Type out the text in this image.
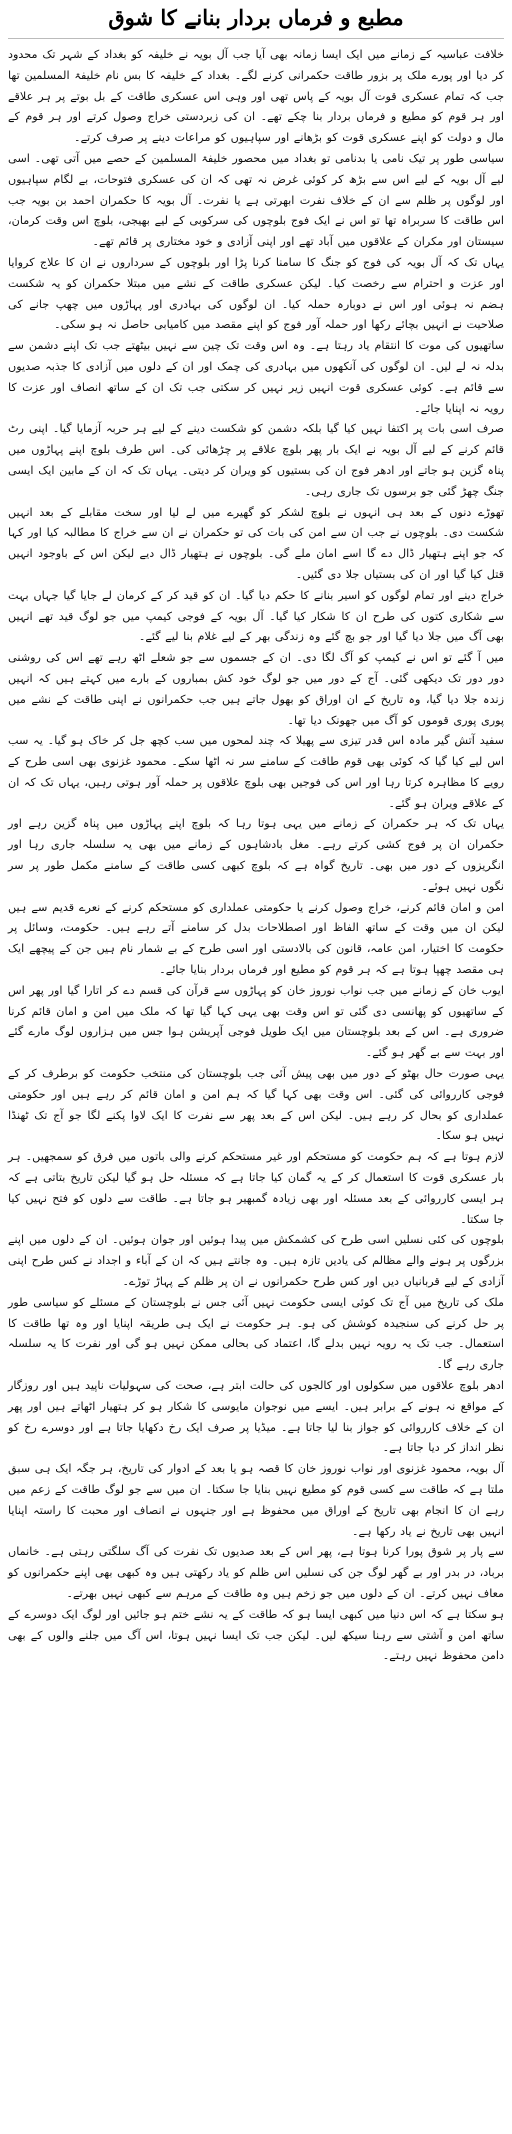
مطبع و فرماں بردار بنانے کا شوق

خلافت عباسیہ کے زمانے میں ایک ایسا زمانہ بھی آیا جب آل بویہ نے خلیفہ کو بغداد کے شہر تک محدود کر دیا اور پورے ملک پر بزور طاقت حکمرانی کرنے لگے۔ بغداد کے خلیفہ کا بس نام خلیفۃ المسلمین تھا جب کہ تمام عسکری قوت آل بویہ کے پاس تھی اور وہی اس عسکری طاقت کے بل بوتے پر ہر علاقے اور ہر قوم کو مطیع و فرماں بردار بنا چکے تھے۔ ان کی زبردستی خراج وصول کرتے اور ہر قوم کے مال و دولت کو اپنے عسکری قوت کو بڑھانے اور سپاہیوں کو مراعات دینے پر صرف کرتے۔

سیاسی طور پر تیک نامی یا بدنامی تو بغداد میں محصور خلیفۃ المسلمین کے حصے میں آتی تھی۔ اسی لیے آل بویہ کے لیے اس سے بڑھ کر کوئی غرض نہ تھی کہ ان کی عسکری فتوحات، بے لگام سپاہیوں اور لوگوں پر ظلم سے ان کے خلاف نفرت ابھرتی ہے یا نفرت۔ آل بویہ کا حکمران احمد بن بویہ جب اس طاقت کا سربراہ تھا تو اس نے ایک فوج بلوچوں کی سرکوبی کے لیے بھیجی، بلوچ اس وقت کرمان، سیستان اور مکران کے علاقوں میں آباد تھے اور اپنی آزادی و خود مختاری پر قائم تھے۔

یہاں تک کہ آل بویہ کی فوج کو جنگ کا سامنا کرنا پڑا اور بلوچوں کے سرداروں نے ان کا علاج کروایا اور عزت و احترام سے رخصت کیا۔ لیکن عسکری طاقت کے نشے میں مبتلا حکمران کو یہ شکست ہضم نہ ہوئی اور اس نے دوبارہ حملہ کیا۔ ان لوگوں کی بہادری اور پہاڑوں میں چھپ جانے کی صلاحیت نے انہیں بچائے رکھا اور حملہ آور فوج کو اپنے مقصد میں کامیابی حاصل نہ ہو سکی۔

ساتھیوں کی موت کا انتقام یاد رہتا ہے۔ وہ اس وقت تک چین سے نہیں بیٹھتے جب تک اپنے دشمن سے بدلہ نہ لے لیں۔ ان لوگوں کی آنکھوں میں بہادری کی چمک اور ان کے دلوں میں آزادی کا جذبہ صدیوں سے قائم ہے۔ کوئی عسکری قوت انہیں زیر نہیں کر سکتی جب تک ان کے ساتھ انصاف اور عزت کا رویہ نہ اپنایا جائے۔

صرف اسی بات پر اکتفا نہیں کیا گیا بلکہ دشمن کو شکست دینے کے لیے ہر حربہ آزمایا گیا۔ اپنی رٹ قائم کرنے کے لیے آل بویہ نے ایک بار پھر بلوچ علاقے پر چڑھائی کی۔ اس طرف بلوچ اپنے پہاڑوں میں پناہ گزین ہو جاتے اور ادھر فوج ان کی بستیوں کو ویران کر دیتی۔ یہاں تک کہ ان کے مابین ایک ایسی جنگ چھڑ گئی جو برسوں تک جاری رہی۔

تھوڑے دنوں کے بعد ہی انہوں نے بلوچ لشکر کو گھیرے میں لے لیا اور سخت مقابلے کے بعد انہیں شکست دی۔ بلوچوں نے جب ان سے امن کی بات کی تو حکمران نے ان سے خراج کا مطالبہ کیا اور کہا کہ جو اپنے ہتھیار ڈال دے گا اسے امان ملے گی۔ بلوچوں نے ہتھیار ڈال دیے لیکن اس کے باوجود انہیں قتل کیا گیا اور ان کی بستیاں جلا دی گئیں۔

خراج دینے اور تمام لوگوں کو اسیر بنانے کا حکم دیا گیا۔ ان کو قید کر کے کرمان لے جایا گیا جہاں بہت سے شکاری کتوں کی طرح ان کا شکار کیا گیا۔ آل بویہ کے فوجی کیمپ میں جو لوگ قید تھے انہیں بھی آگ میں جلا دیا گیا اور جو بچ گئے وہ زندگی بھر کے لیے غلام بنا لیے گئے۔

میں آ گئے تو اس نے کیمپ کو آگ لگا دی۔ ان کے جسموں سے جو شعلے اٹھ رہے تھے اس کی روشنی دور دور تک دیکھی گئی۔ آج کے دور میں جو لوگ خود کش بمباروں کے بارے میں کہتے ہیں کہ انہیں زندہ جلا دیا گیا، وہ تاریخ کے ان اوراق کو بھول جاتے ہیں جب حکمرانوں نے اپنی طاقت کے نشے میں پوری پوری قوموں کو آگ میں جھونک دیا تھا۔

سفید آتش گیر مادہ اس قدر تیزی سے پھیلا کہ چند لمحوں میں سب کچھ جل کر خاک ہو گیا۔ یہ سب اس لیے کیا گیا کہ کوئی بھی قوم طاقت کے سامنے سر نہ اٹھا سکے۔ محمود غزنوی بھی اسی طرح کے رویے کا مظاہرہ کرتا رہا اور اس کی فوجیں بھی بلوچ علاقوں پر حملہ آور ہوتی رہیں، یہاں تک کہ ان کے علاقے ویران ہو گئے۔

یہاں تک کہ ہر حکمران کے زمانے میں یہی ہوتا رہا کہ بلوچ اپنے پہاڑوں میں پناہ گزین رہے اور حکمران ان پر فوج کشی کرتے رہے۔ مغل بادشاہوں کے زمانے میں بھی یہ سلسلہ جاری رہا اور انگریزوں کے دور میں بھی۔ تاریخ گواہ ہے کہ بلوچ کبھی کسی طاقت کے سامنے مکمل طور پر سر نگوں نہیں ہوئے۔

امن و امان قائم کرنے، خراج وصول کرنے یا حکومتی عملداری کو مستحکم کرنے کے نعرے قدیم سے ہیں لیکن ان میں وقت کے ساتھ الفاظ اور اصطلاحات بدل کر سامنے آتے رہے ہیں۔ حکومت، وسائل پر حکومت کا اختیار، امن عامہ، قانون کی بالادستی اور اسی طرح کے بے شمار نام ہیں جن کے پیچھے ایک ہی مقصد چھپا ہوتا ہے کہ ہر قوم کو مطیع اور فرماں بردار بنایا جائے۔

ایوب خان کے زمانے میں جب نواب نوروز خان کو پہاڑوں سے قرآن کی قسم دے کر اتارا گیا اور پھر اس کے ساتھیوں کو پھانسی دی گئی تو اس وقت بھی یہی کہا گیا تھا کہ ملک میں امن و امان قائم کرنا ضروری ہے۔ اس کے بعد بلوچستان میں ایک طویل فوجی آپریشن ہوا جس میں ہزاروں لوگ مارے گئے اور بہت سے بے گھر ہو گئے۔

یہی صورت حال بھٹو کے دور میں بھی پیش آئی جب بلوچستان کی منتخب حکومت کو برطرف کر کے فوجی کارروائی کی گئی۔ اس وقت بھی کہا گیا کہ ہم امن و امان قائم کر رہے ہیں اور حکومتی عملداری کو بحال کر رہے ہیں۔ لیکن اس کے بعد پھر سے نفرت کا ایک لاوا پکنے لگا جو آج تک ٹھنڈا نہیں ہو سکا۔

لازم ہوتا ہے کہ ہم حکومت کو مستحکم اور غیر مستحکم کرنے والی باتوں میں فرق کو سمجھیں۔ ہر بار عسکری قوت کا استعمال کر کے یہ گمان کیا جاتا ہے کہ مسئلہ حل ہو گیا لیکن تاریخ بتاتی ہے کہ ہر ایسی کارروائی کے بعد مسئلہ اور بھی زیادہ گمبھیر ہو جاتا ہے۔ طاقت سے دلوں کو فتح نہیں کیا جا سکتا۔

بلوچوں کی کئی نسلیں اسی طرح کی کشمکش میں پیدا ہوئیں اور جوان ہوئیں۔ ان کے دلوں میں اپنے بزرگوں پر ہونے والے مظالم کی یادیں تازہ ہیں۔ وہ جانتے ہیں کہ ان کے آباء و اجداد نے کس طرح اپنی آزادی کے لیے قربانیاں دیں اور کس طرح حکمرانوں نے ان پر ظلم کے پہاڑ توڑے۔

ملک کی تاریخ میں آج تک کوئی ایسی حکومت نہیں آئی جس نے بلوچستان کے مسئلے کو سیاسی طور پر حل کرنے کی سنجیدہ کوشش کی ہو۔ ہر حکومت نے ایک ہی طریقہ اپنایا اور وہ تھا طاقت کا استعمال۔ جب تک یہ رویہ نہیں بدلے گا، اعتماد کی بحالی ممکن نہیں ہو گی اور نفرت کا یہ سلسلہ جاری رہے گا۔

ادھر بلوچ علاقوں میں سکولوں اور کالجوں کی حالت ابتر ہے، صحت کی سہولیات ناپید ہیں اور روزگار کے مواقع نہ ہونے کے برابر ہیں۔ ایسے میں نوجوان مایوسی کا شکار ہو کر ہتھیار اٹھاتے ہیں اور پھر ان کے خلاف کارروائی کو جواز بنا لیا جاتا ہے۔ میڈیا پر صرف ایک رخ دکھایا جاتا ہے اور دوسرے رخ کو نظر انداز کر دیا جاتا ہے۔

آل بویہ، محمود غزنوی اور نواب نوروز خان کا قصہ ہو یا بعد کے ادوار کی تاریخ، ہر جگہ ایک ہی سبق ملتا ہے کہ طاقت سے کسی قوم کو مطیع نہیں بنایا جا سکتا۔ ان میں سے جو لوگ طاقت کے زعم میں رہے ان کا انجام بھی تاریخ کے اوراق میں محفوظ ہے اور جنہوں نے انصاف اور محبت کا راستہ اپنایا انہیں بھی تاریخ نے یاد رکھا ہے۔

سے پار پر شوق پورا کرنا ہوتا ہے، پھر اس کے بعد صدیوں تک نفرت کی آگ سلگتی رہتی ہے۔ خانماں برباد، در بدر اور بے گھر لوگ جن کی نسلیں اس ظلم کو یاد رکھتی ہیں وہ کبھی بھی اپنے حکمرانوں کو معاف نہیں کرتے۔ ان کے دلوں میں جو زخم ہیں وہ طاقت کے مرہم سے کبھی نہیں بھرتے۔

ہو سکتا ہے کہ اس دنیا میں کبھی ایسا ہو کہ طاقت کے یہ نشے ختم ہو جائیں اور لوگ ایک دوسرے کے ساتھ امن و آشتی سے رہنا سیکھ لیں۔ لیکن جب تک ایسا نہیں ہوتا، اس آگ میں جلنے والوں کے بھی دامن محفوظ نہیں رہتے۔
